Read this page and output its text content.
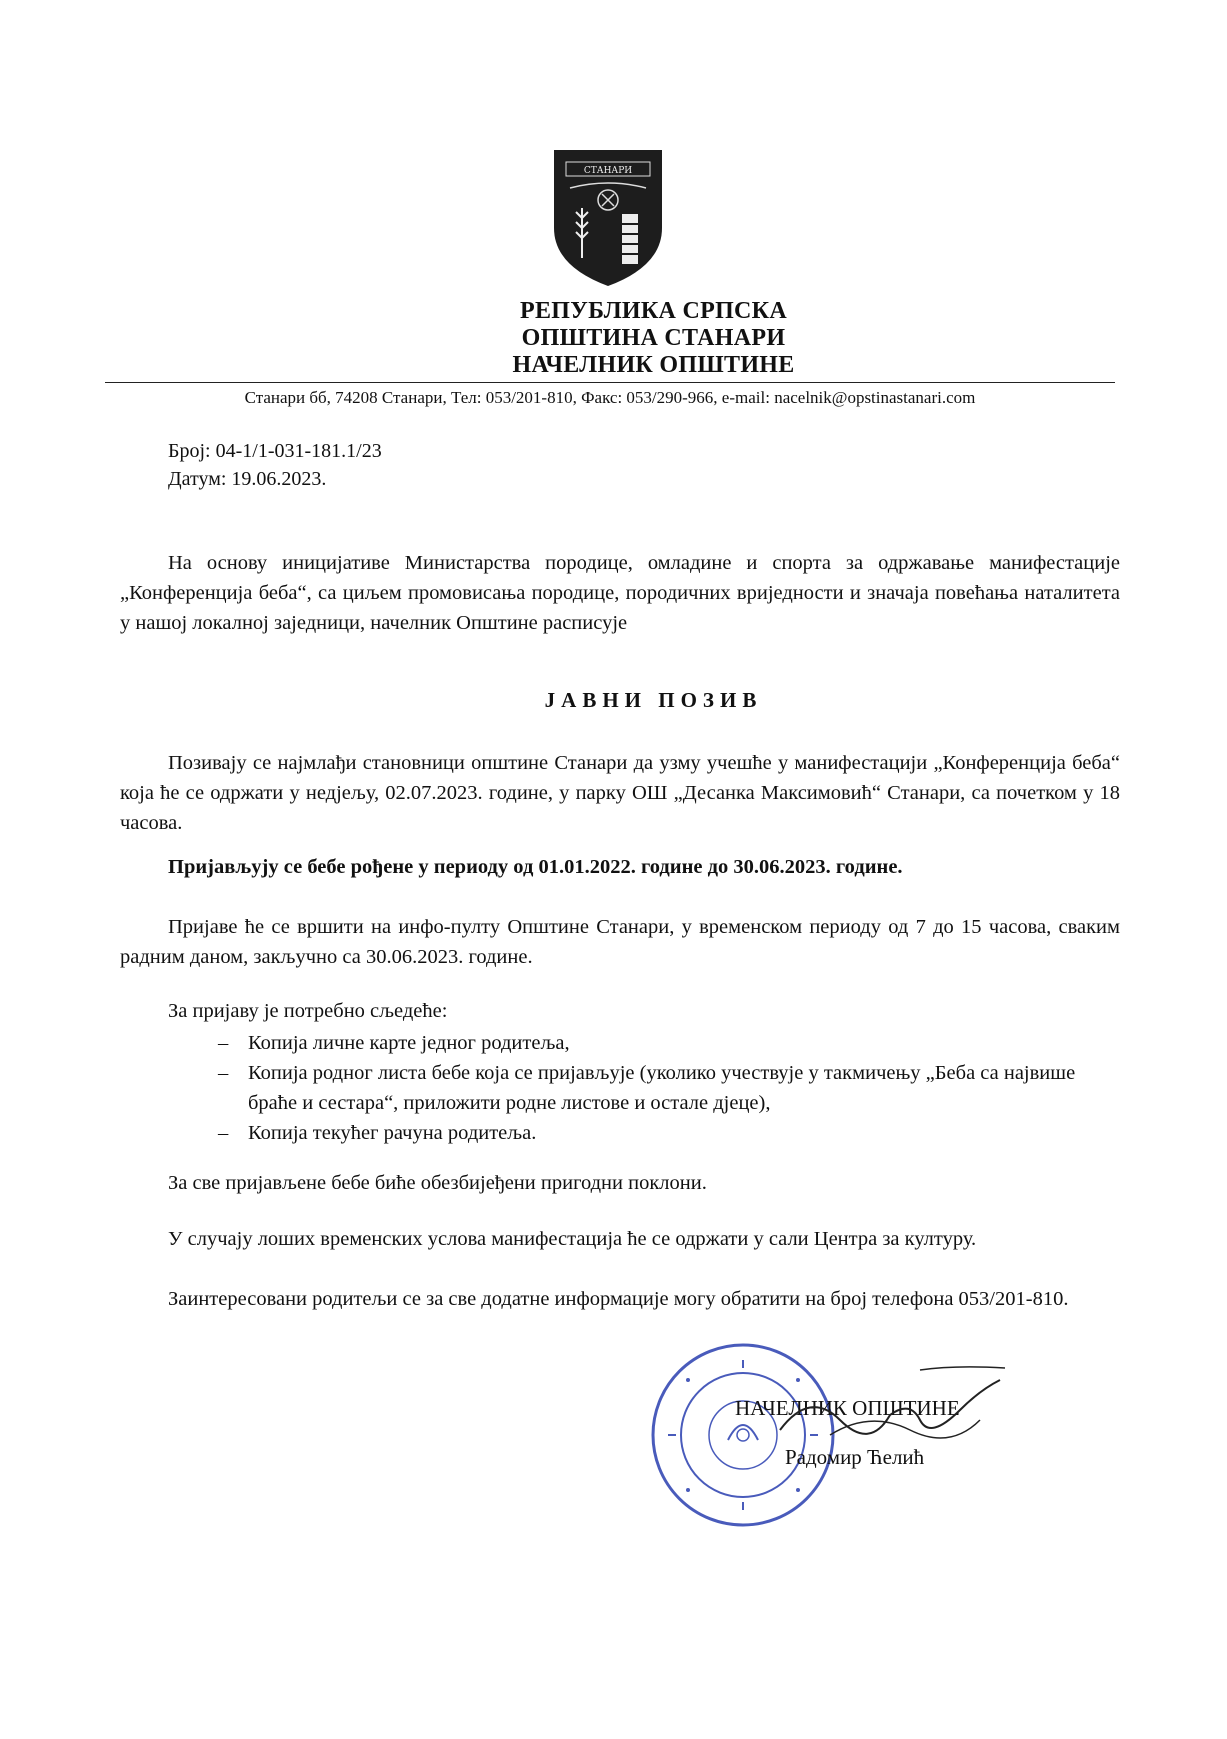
СТАНАРИ
РЕПУБЛИКА СРПСКА
ОПШТИНА СТАНАРИ
НАЧЕЛНИК ОПШТИНЕ
Станари бб, 74208 Станари, Тел: 053/201-810, Факс: 053/290-966, e-mail: nacelnik@opstinastanari.com
Број: 04-1/1-031-181.1/23
Датум: 19.06.2023.
На основу иницијативе Министарства породице, омладине и спорта за одржавање манифестације „Конференција беба“, са циљем промовисања породице, породичних вриједности и значаја повећања наталитета у нашој локалној заједници, начелник Општине расписује
ЈАВНИ ПОЗИВ
Позивају се најмлађи становници општине Станари да узму учешће у манифестацији „Конференција беба“ која ће се одржати у недјељу, 02.07.2023. године, у парку ОШ „Десанка Максимовић“ Станари, са почетком у 18 часова.
Пријављују се бебе рођене у периоду од 01.01.2022. године до 30.06.2023. године.
Пријаве ће се вршити на инфо-пулту Општине Станари, у временском периоду од 7 до 15 часова, сваким радним даном, закључно са 30.06.2023. године.
За пријаву је потребно сљедеће:
– Копија личне карте једног родитеља,
– Копија родног листа бебе која се пријављује (уколико учествује у такмичењу „Беба са највише браће и сестара“, приложити родне листове и остале дјеце),
– Копија текућег рачуна родитеља.
За све пријављене бебе биће обезбијеђени пригодни поклони.
У случају лоших временских услова манифестација ће се одржати у сали Центра за културу.
Заинтересовани родитељи се за све додатне информације могу обратити на број телефона 053/201-810.
НАЧЕЛНИК ОПШТИНЕ
Радомир Ћелић
